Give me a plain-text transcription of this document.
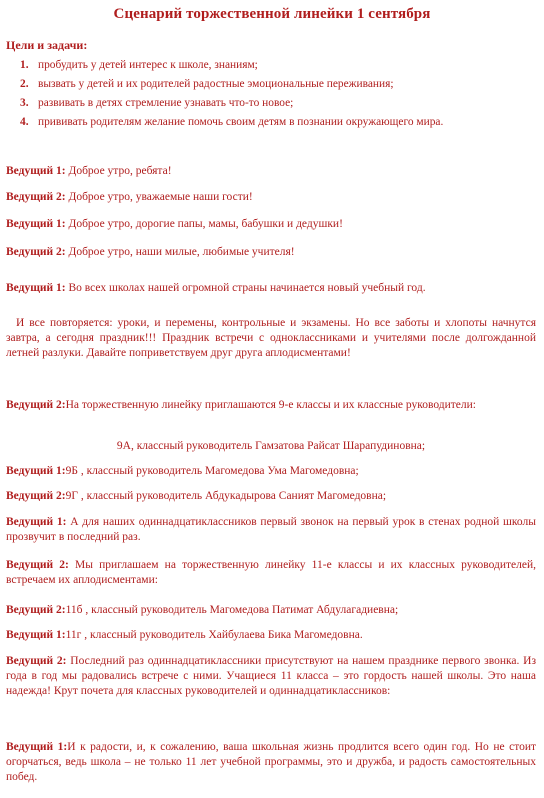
Сценарий торжественной линейки 1 сентября
Цели и задачи:
1. пробудить у детей интерес к школе, знаниям;
2. вызвать у детей и их родителей радостные эмоциональные переживания;
3. развивать в детях стремление узнавать что-то новое;
4. прививать родителям желание помочь своим детям в познании окружающего мира.
Ведущий 1: Доброе утро, ребята!
Ведущий 2: Доброе утро, уважаемые наши гости!
Ведущий 1: Доброе утро, дорогие папы, мамы, бабушки и дедушки!
Ведущий 2: Доброе утро, наши милые, любимые учителя!
Ведущий 1: Во всех школах нашей огромной страны начинается новый учебный год.
И все повторяется: уроки, и перемены, контрольные и экзамены. Но все заботы и хлопоты начнутся завтра, а сегодня праздник!!! Праздник встречи с одноклассниками и учителями после долгожданной летней разлуки. Давайте поприветствуем друг друга аплодисментами!
Ведущий 2:На торжественную линейку приглашаются 9-е классы и их классные руководители:
9А, классный руководитель Гамзатова Райсат Шарапудиновна;
Ведущий 1:9Б , классный руководитель Магомедова Ума Магомедовна;
Ведущий 2:9Г , классный руководитель Абдукадырова Саният Магомедовна;
Ведущий 1: А для наших одиннадцатиклассников первый звонок на первый урок в стенах родной школы прозвучит в последний раз.
Ведущий 2: Мы приглашаем на торжественную линейку 11-е классы и их классных руководителей, встречаем их аплодисментами:
Ведущий 2:11б , классный руководитель Магомедова Патимат Абдулагадиевна;
Ведущий 1:11г , классный руководитель Хайбулаева Бика Магомедовна.
Ведущий 2: Последний раз одиннадцатиклассники присутствуют на нашем празднике первого звонка. Из года в год мы радовались встрече с ними. Учащиеся 11 класса – это гордость нашей школы. Это наша надежда! Крут почета для классных руководителей и одиннадцатиклассников:
Ведущий 1:И к радости, и, к сожалению, ваша школьная жизнь продлится всего один год. Но не стоит огорчаться, ведь школа – не только 11 лет учебной программы, это и дружба, и радость самостоятельных побед.
